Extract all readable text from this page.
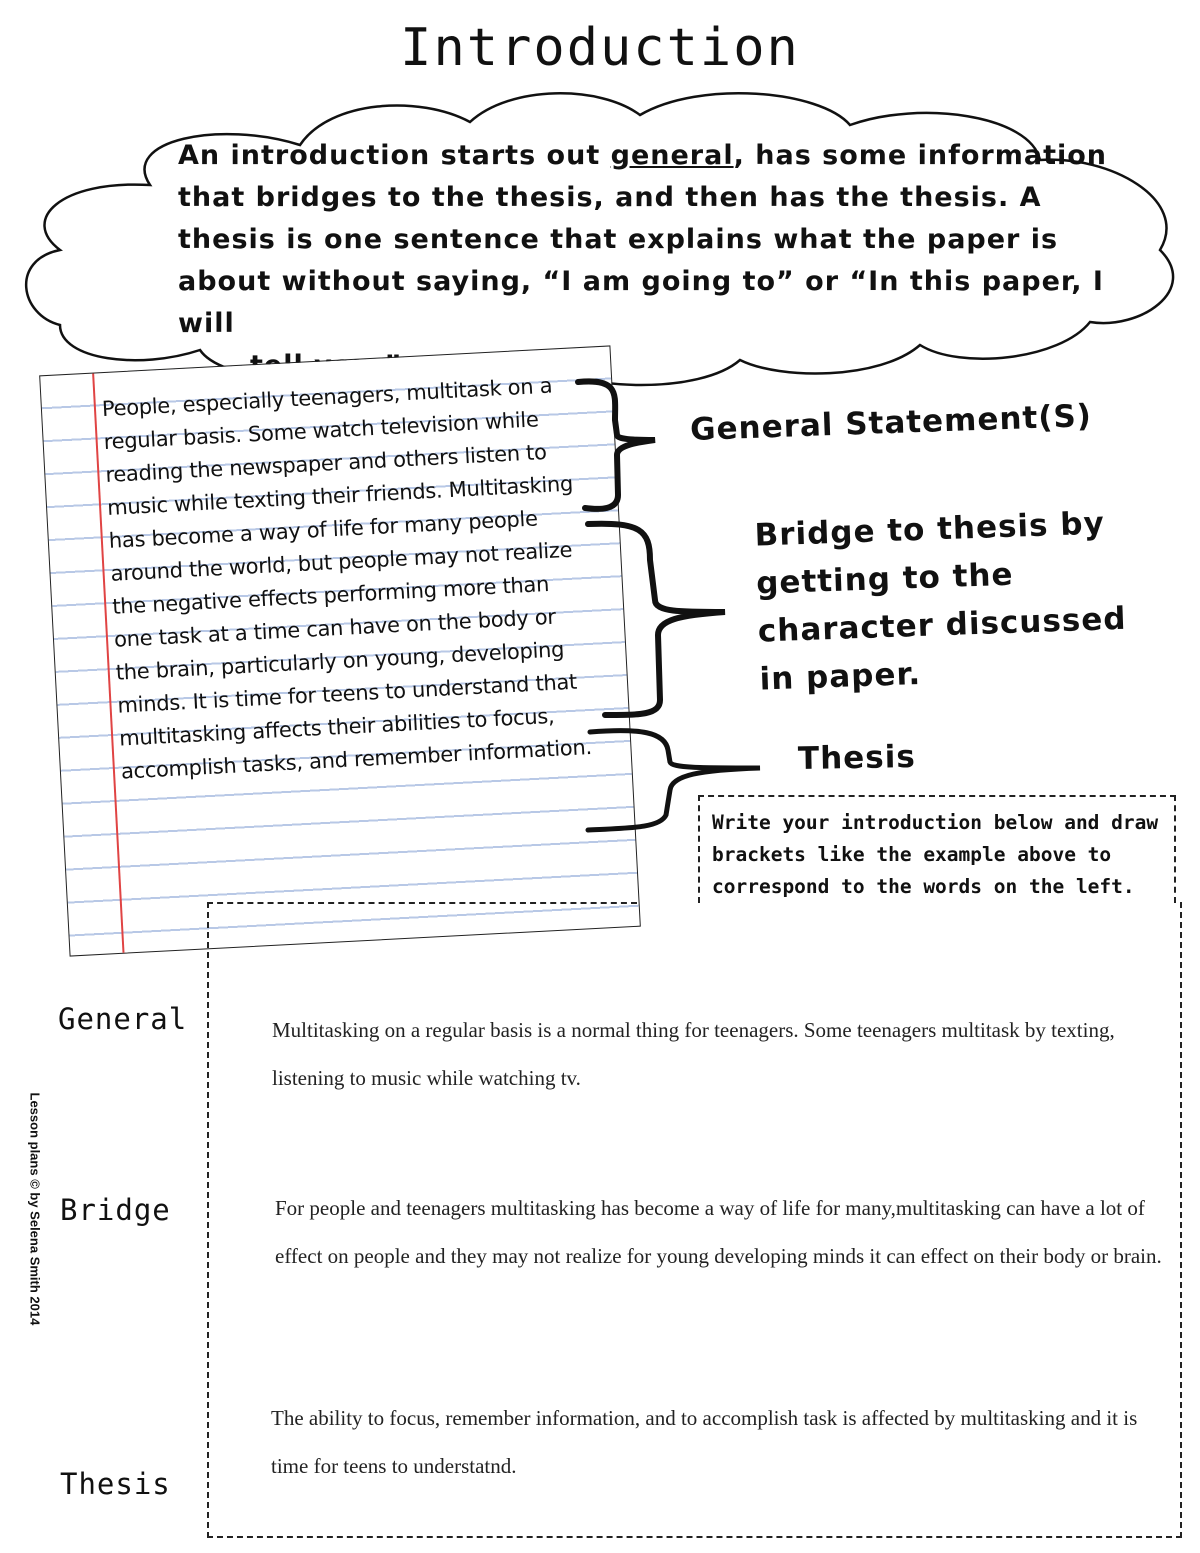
Introduction
An introduction starts out general, has some information that bridges to the thesis, and then has the thesis. A thesis is one sentence that explains what the paper is about without saying, “I am going to” or “In this paper, I will
People, especially teenagers, multitask on a regular basis. Some watch television while reading the newspaper and others listen to music while texting their friends. Multitasking has become a way of life for many people around the world, but people may not realize the negative effects performing more than one task at a time can have on the body or the brain, particularly on young, developing minds. It is time for teens to understand that multitasking affects their abilities to focus, accomplish tasks, and remember information.
General Statement(S)
Bridge to thesis by getting to the character discussed in paper.
Thesis
Write your introduction below and draw brackets like the example above to correspond to the words on the left.
General
Bridge
Thesis
Multitasking on a regular basis is a normal thing for teenagers. Some teenagers multitask by texting, listening to music while watching tv.
For people and teenagers multitasking has become a way of life for many,multitasking can have a lot of effect on people and they may not realize for young developing minds it can effect on their body or brain.
The ability to focus, remember information, and to accomplish task is affected by multitasking and it is time for teens to understatnd.
Lesson plans © by Selena Smith 2014
